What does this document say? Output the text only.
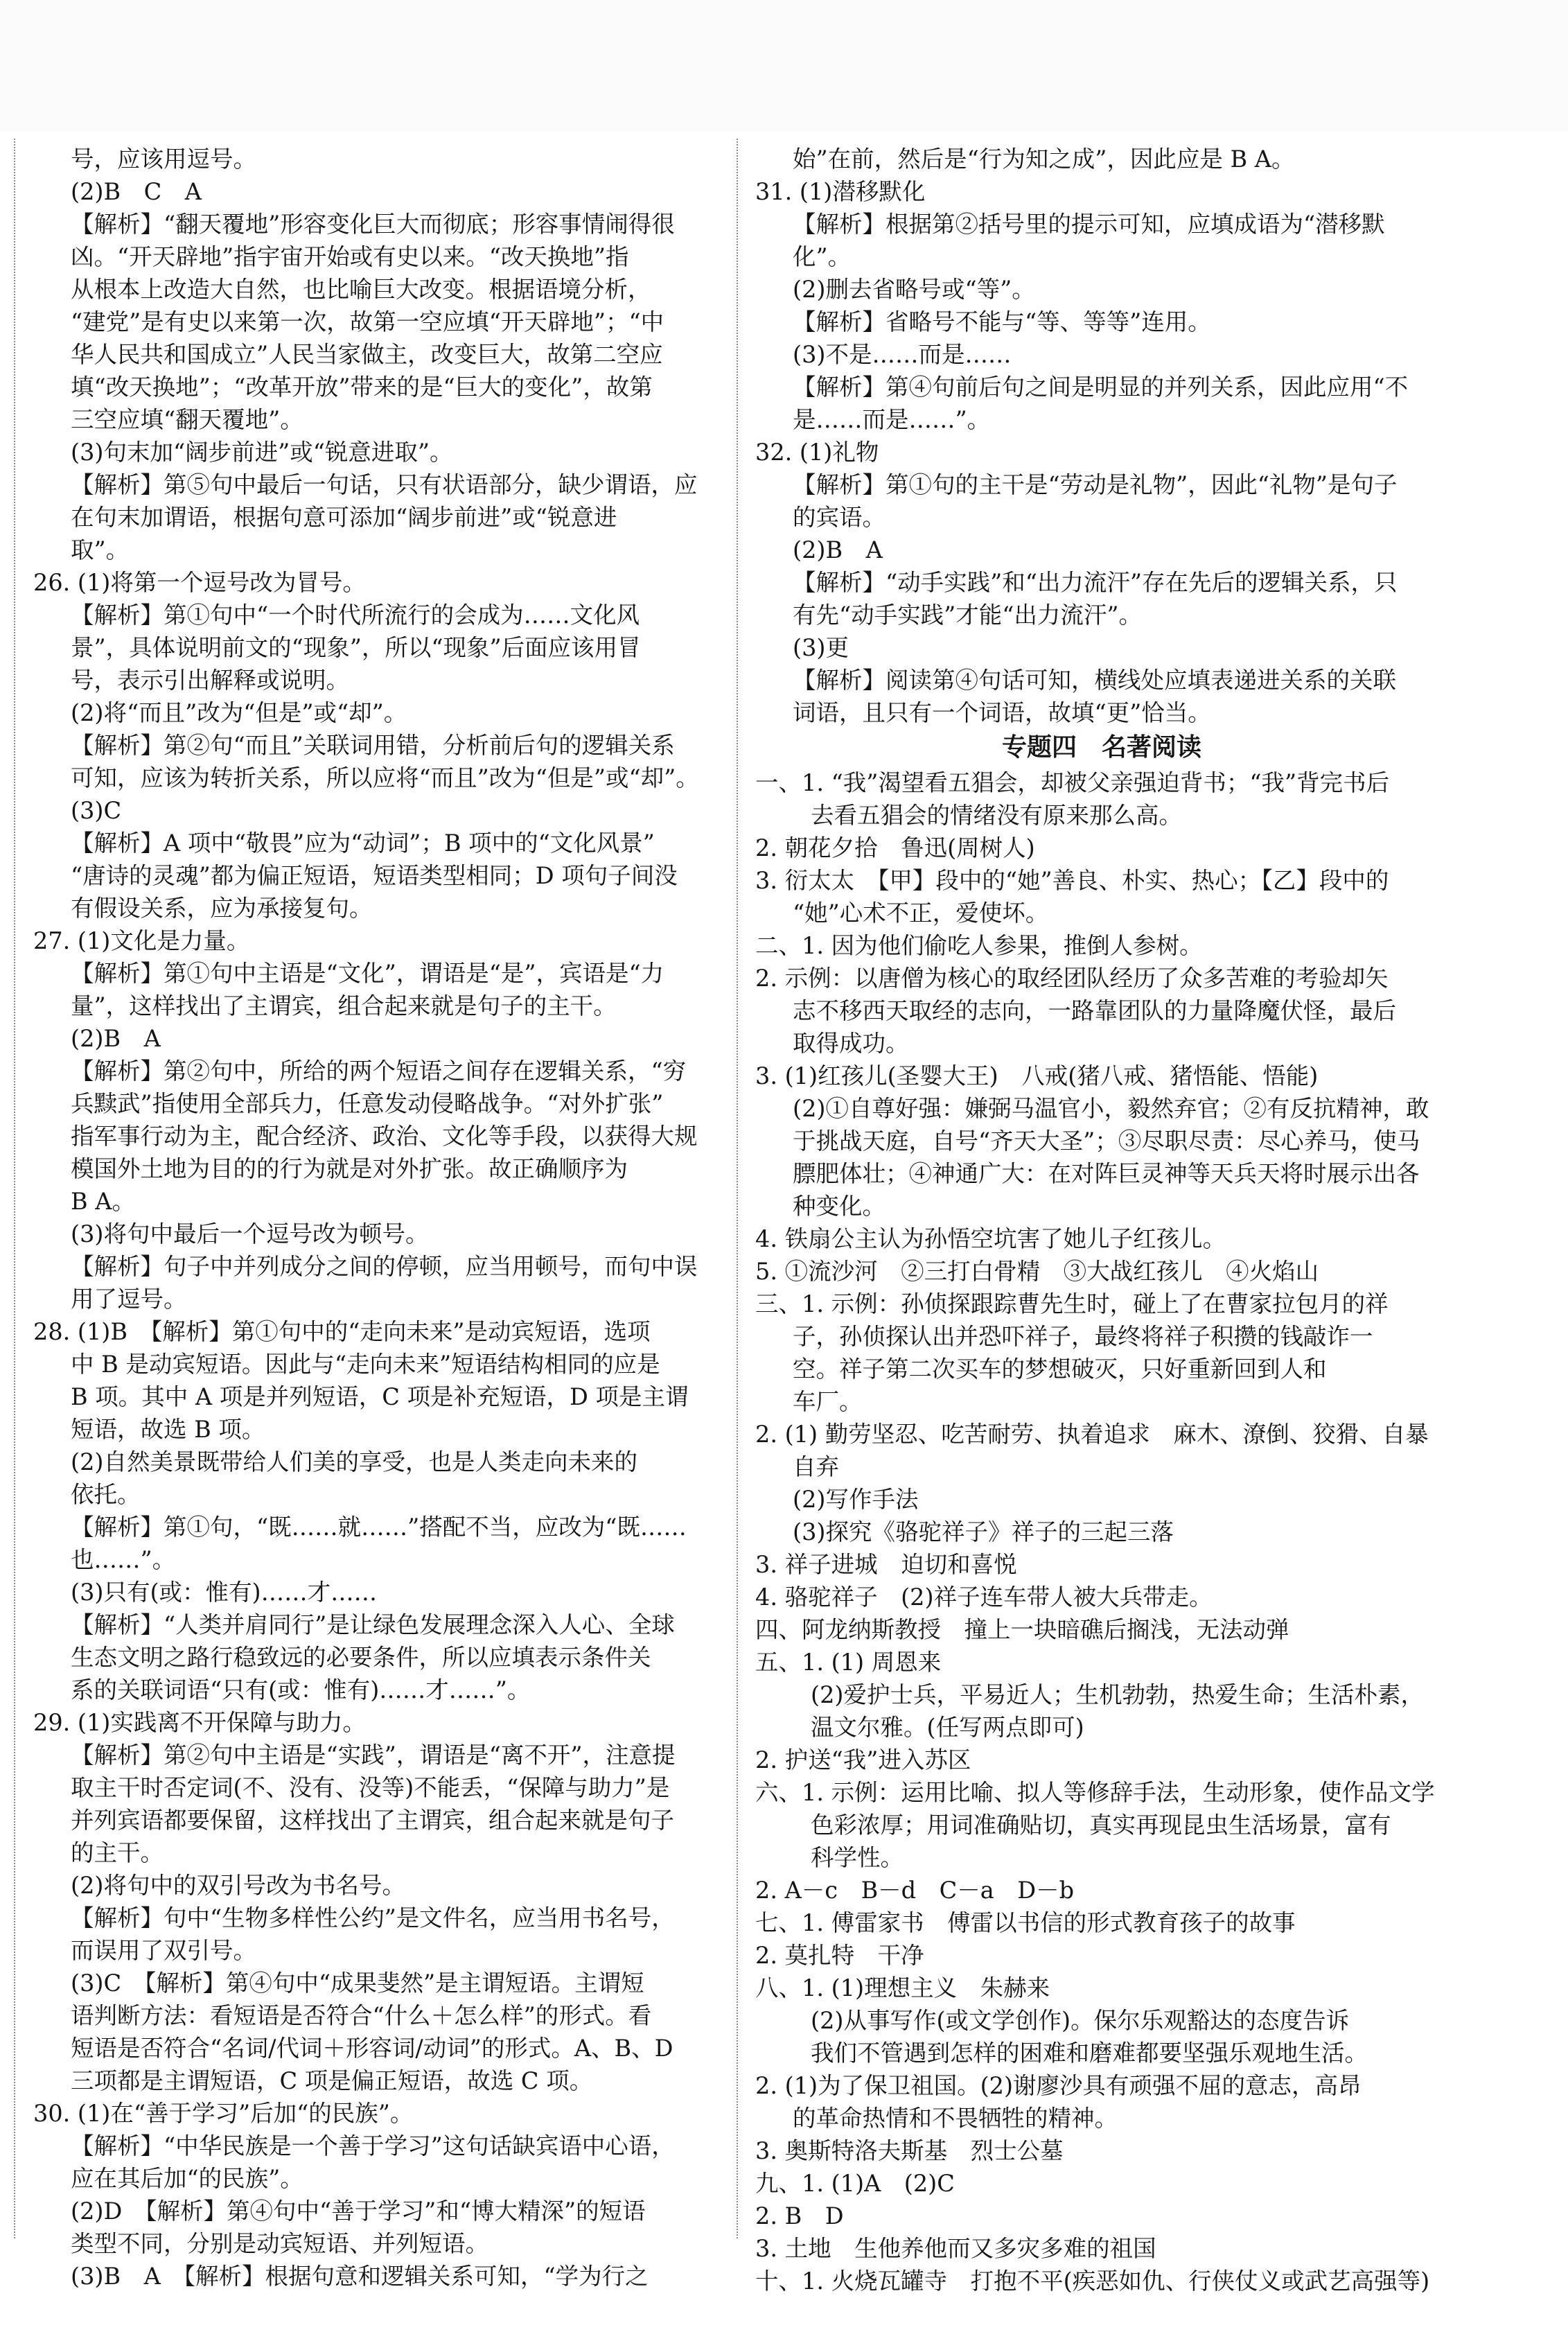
号，应该用逗号。
(2)B　C　A
【解析】“翻天覆地”形容变化巨大而彻底；形容事情闹得很
凶。“开天辟地”指宇宙开始或有史以来。“改天换地”指
从根本上改造大自然，也比喻巨大改变。根据语境分析，
“建党”是有史以来第一次，故第一空应填“开天辟地”；“中
华人民共和国成立”人民当家做主，改变巨大，故第二空应
填“改天换地”；“改革开放”带来的是“巨大的变化”，故第
三空应填“翻天覆地”。
(3)句末加“阔步前进”或“锐意进取”。
【解析】第⑤句中最后一句话，只有状语部分，缺少谓语，应
在句末加谓语，根据句意可添加“阔步前进”或“锐意进
取”。
26. (1)将第一个逗号改为冒号。
【解析】第①句中“一个时代所流行的会成为……文化风
景”，具体说明前文的“现象”，所以“现象”后面应该用冒
号，表示引出解释或说明。
(2)将“而且”改为“但是”或“却”。
【解析】第②句“而且”关联词用错，分析前后句的逻辑关系
可知，应该为转折关系，所以应将“而且”改为“但是”或“却”。
(3)C
【解析】A 项中“敬畏”应为“动词”；B 项中的“文化风景”
“唐诗的灵魂”都为偏正短语，短语类型相同；D 项句子间没
有假设关系，应为承接复句。
27. (1)文化是力量。
【解析】第①句中主语是“文化”，谓语是“是”，宾语是“力
量”，这样找出了主谓宾，组合起来就是句子的主干。
(2)B　A
【解析】第②句中，所给的两个短语之间存在逻辑关系，“穷
兵黩武”指使用全部兵力，任意发动侵略战争。“对外扩张”
指军事行动为主，配合经济、政治、文化等手段，以获得大规
模国外土地为目的的行为就是对外扩张。故正确顺序为
B A。
(3)将句中最后一个逗号改为顿号。
【解析】句子中并列成分之间的停顿，应当用顿号，而句中误
用了逗号。
28. (1)B　【解析】第①句中的“走向未来”是动宾短语，选项
中 B 是动宾短语。因此与“走向未来”短语结构相同的应是
B 项。其中 A 项是并列短语，C 项是补充短语，D 项是主谓
短语，故选 B 项。
(2)自然美景既带给人们美的享受，也是人类走向未来的
依托。
【解析】第①句，“既……就……”搭配不当，应改为“既……
也……”。
(3)只有(或：惟有)……才……
【解析】“人类并肩同行”是让绿色发展理念深入人心、全球
生态文明之路行稳致远的必要条件，所以应填表示条件关
系的关联词语“只有(或：惟有)……才……”。
29. (1)实践离不开保障与助力。
【解析】第②句中主语是“实践”，谓语是“离不开”，注意提
取主干时否定词(不、没有、没等)不能丢，“保障与助力”是
并列宾语都要保留，这样找出了主谓宾，组合起来就是句子
的主干。
(2)将句中的双引号改为书名号。
【解析】句中“生物多样性公约”是文件名，应当用书名号，
而误用了双引号。
(3)C　【解析】第④句中“成果斐然”是主谓短语。主谓短
语判断方法：看短语是否符合“什么＋怎么样”的形式。看
短语是否符合“名词/代词＋形容词/动词”的形式。A、B、D
三项都是主谓短语，C 项是偏正短语，故选 C 项。
30. (1)在“善于学习”后加“的民族”。
【解析】“中华民族是一个善于学习”这句话缺宾语中心语，
应在其后加“的民族”。
(2)D　【解析】第④句中“善于学习”和“博大精深”的短语
类型不同，分别是动宾短语、并列短语。
(3)B　A　【解析】根据句意和逻辑关系可知，“学为行之
始”在前，然后是“行为知之成”，因此应是 B A。
31. (1)潜移默化
【解析】根据第②括号里的提示可知，应填成语为“潜移默
化”。
(2)删去省略号或“等”。
【解析】省略号不能与“等、等等”连用。
(3)不是……而是……
【解析】第④句前后句之间是明显的并列关系，因此应用“不
是……而是……”。
32. (1)礼物
【解析】第①句的主干是“劳动是礼物”，因此“礼物”是句子
的宾语。
(2)B　A
【解析】“动手实践”和“出力流汗”存在先后的逻辑关系，只
有先“动手实践”才能“出力流汗”。
(3)更
【解析】阅读第④句话可知，横线处应填表递进关系的关联
词语，且只有一个词语，故填“更”恰当。
专题四　名著阅读
一、1. “我”渴望看五猖会，却被父亲强迫背书；“我”背完书后
去看五猖会的情绪没有原来那么高。
2. 朝花夕拾　鲁迅(周树人)
3. 衍太太　【甲】段中的“她”善良、朴实、热心；【乙】段中的
“她”心术不正，爱使坏。
二、1. 因为他们偷吃人参果，推倒人参树。
2. 示例：以唐僧为核心的取经团队经历了众多苦难的考验却矢
志不移西天取经的志向，一路靠团队的力量降魔伏怪，最后
取得成功。
3. (1)红孩儿(圣婴大王)　八戒(猪八戒、猪悟能、悟能)
(2)①自尊好强：嫌弼马温官小，毅然弃官；②有反抗精神，敢
于挑战天庭，自号“齐天大圣”；③尽职尽责：尽心养马，使马
膘肥体壮；④神通广大：在对阵巨灵神等天兵天将时展示出各
种变化。
4. 铁扇公主认为孙悟空坑害了她儿子红孩儿。
5. ①流沙河　②三打白骨精　③大战红孩儿　④火焰山
三、1. 示例：孙侦探跟踪曹先生时，碰上了在曹家拉包月的祥
子，孙侦探认出并恐吓祥子，最终将祥子积攒的钱敲诈一
空。祥子第二次买车的梦想破灭，只好重新回到人和
车厂。
2. (1) 勤劳坚忍、吃苦耐劳、执着追求　麻木、潦倒、狡猾、自暴
自弃
(2)写作手法
(3)探究《骆驼祥子》祥子的三起三落
3. 祥子进城　迫切和喜悦
4. 骆驼祥子　(2)祥子连车带人被大兵带走。
四、阿龙纳斯教授　撞上一块暗礁后搁浅，无法动弹
五、1. (1) 周恩来
(2)爱护士兵，平易近人；生机勃勃，热爱生命；生活朴素，
温文尔雅。(任写两点即可)
2. 护送“我”进入苏区
六、1. 示例：运用比喻、拟人等修辞手法，生动形象，使作品文学
色彩浓厚；用词准确贴切，真实再现昆虫生活场景，富有
科学性。
2. A－c　B－d　C－a　D－b
七、1. 傅雷家书　傅雷以书信的形式教育孩子的故事
2. 莫扎特　干净
八、1. (1)理想主义　朱赫来
(2)从事写作(或文学创作)。保尔乐观豁达的态度告诉
我们不管遇到怎样的困难和磨难都要坚强乐观地生活。
2. (1)为了保卫祖国。(2)谢廖沙具有顽强不屈的意志，高昂
的革命热情和不畏牺牲的精神。
3. 奥斯特洛夫斯基　烈士公墓
九、1. (1)A　(2)C
2. B　D
3. 土地　生他养他而又多灾多难的祖国
十、1. 火烧瓦罐寺　打抱不平(疾恶如仇、行侠仗义或武艺高强等)
